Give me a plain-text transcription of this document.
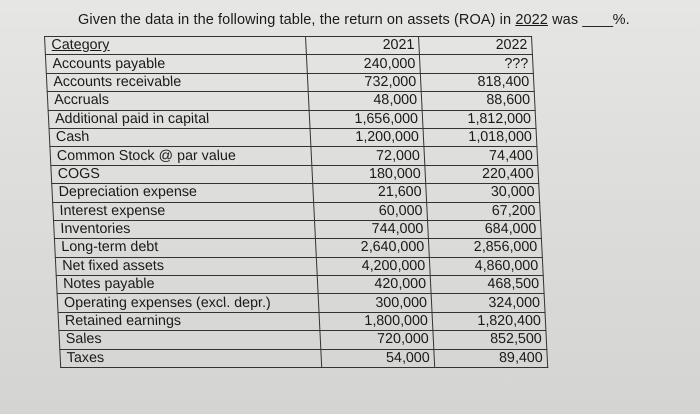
Given the data in the following table, the return on assets (ROA) in 2022 was ____%.
Category	2021	2022
Accounts payable	240,000	???
Accounts receivable	732,000	818,400
Accruals	48,000	88,600
Additional paid in capital	1,656,000	1,812,000
Cash	1,200,000	1,018,000
Common Stock @ par value	72,000	74,400
COGS	180,000	220,400
Depreciation expense	21,600	30,000
Interest expense	60,000	67,200
Inventories	744,000	684,000
Long-term debt	2,640,000	2,856,000
Net fixed assets	4,200,000	4,860,000
Notes payable	420,000	468,500
Operating expenses (excl. depr.)	300,000	324,000
Retained earnings	1,800,000	1,820,400
Sales	720,000	852,500
Taxes	54,000	89,400
